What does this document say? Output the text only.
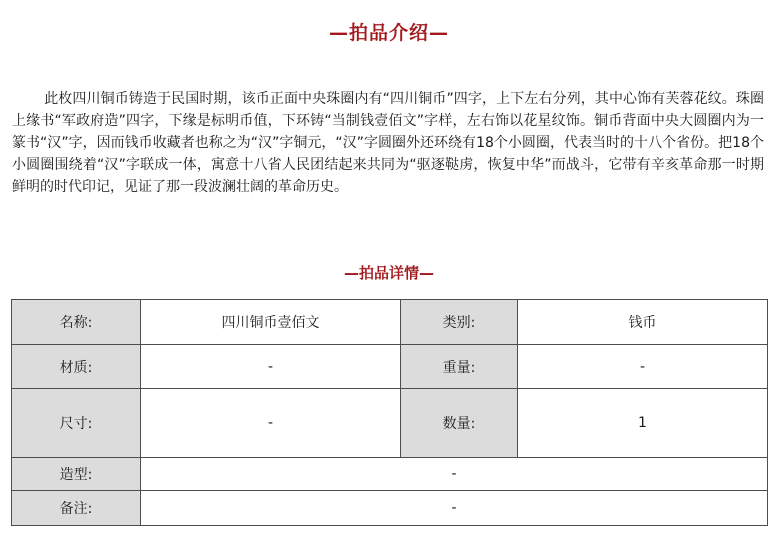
—拍品介绍—

此枚四川铜币铸造于民国时期，该币正面中央珠圈内有“四川铜币”四字，上下左右分列，其中心饰有芙蓉花纹。珠圈上缘书“军政府造”四字，下缘是标明币值，下环铸“当制钱壹佰文”字样，左右饰以花星纹饰。铜币背面中央大圆圈内为一篆书“汉”字，因而钱币收藏者也称之为“汉”字铜元，“汉”字圆圈外还环绕有18个小圆圈，代表当时的十八个省份。把18个小圆圈围绕着“汉”字联成一体，寓意十八省人民团结起来共同为“驱逐鞑虏，恢复中华”而战斗，它带有辛亥革命那一时期鲜明的时代印记，见证了那一段波澜壮阔的革命历史。

—拍品详情—
名称:	四川铜币壹佰文	类别:	钱币
材质:	-	重量:	-
尺寸:	-	数量:	1
造型:	-		
备注:	-		
